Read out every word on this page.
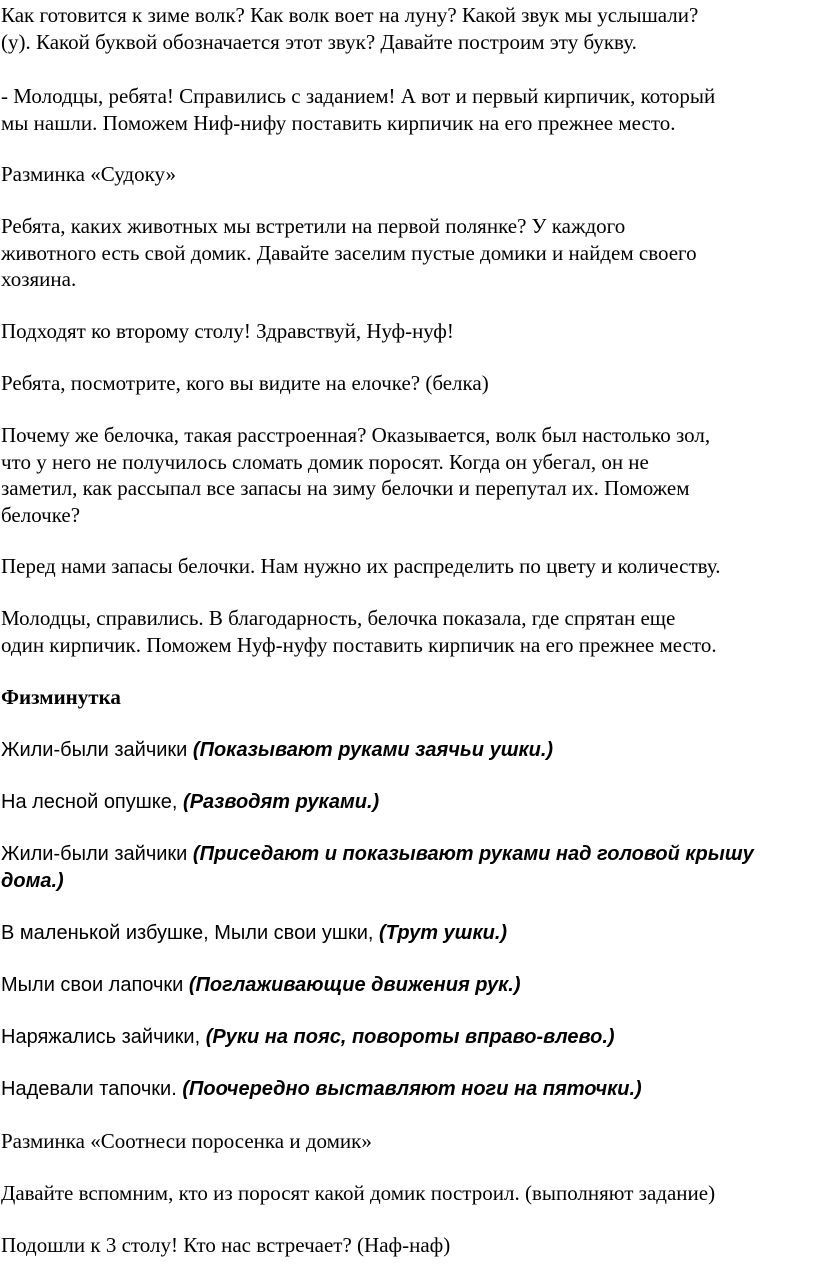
Как готовится к зиме волк? Как волк воет на луну? Какой звук мы услышали?
(у). Какой буквой обозначается этот звук? Давайте построим эту букву.

- Молодцы, ребята! Справились с заданием! А вот и первый кирпичик, который
мы нашли. Поможем Ниф-нифу поставить кирпичик на его прежнее место.

Разминка «Судоку»

Ребята, каких животных мы встретили на первой полянке? У каждого
животного есть свой домик. Давайте заселим пустые домики и найдем своего
хозяина.

Подходят ко второму столу! Здравствуй, Нуф-нуф!

Ребята, посмотрите, кого вы видите на елочке? (белка)

Почему же белочка, такая расстроенная? Оказывается, волк был настолько зол,
что у него не получилось сломать домик поросят. Когда он убегал, он не
заметил, как рассыпал все запасы на зиму белочки и перепутал их. Поможем
белочке?

Перед нами запасы белочки. Нам нужно их распределить по цвету и количеству.

Молодцы, справились. В благодарность, белочка показала, где спрятан еще
один кирпичик. Поможем Нуф-нуфу поставить кирпичик на его прежнее место.

Физминутка

Жили-были зайчики (Показывают руками заячьи ушки.)

На лесной опушке, (Разводят руками.)

Жили-были зайчики (Приседают и показывают руками над головой крышу
дома.)

В маленькой избушке, Мыли свои ушки, (Трут ушки.)

Мыли свои лапочки (Поглаживающие движения рук.)

Наряжались зайчики, (Руки на пояс, повороты вправо-влево.)

Надевали тапочки. (Поочередно выставляют ноги на пяточки.)

Разминка «Соотнеси поросенка и домик»

Давайте вспомним, кто из поросят какой домик построил. (выполняют задание)

Подошли к 3 столу! Кто нас встречает? (Наф-наф)
